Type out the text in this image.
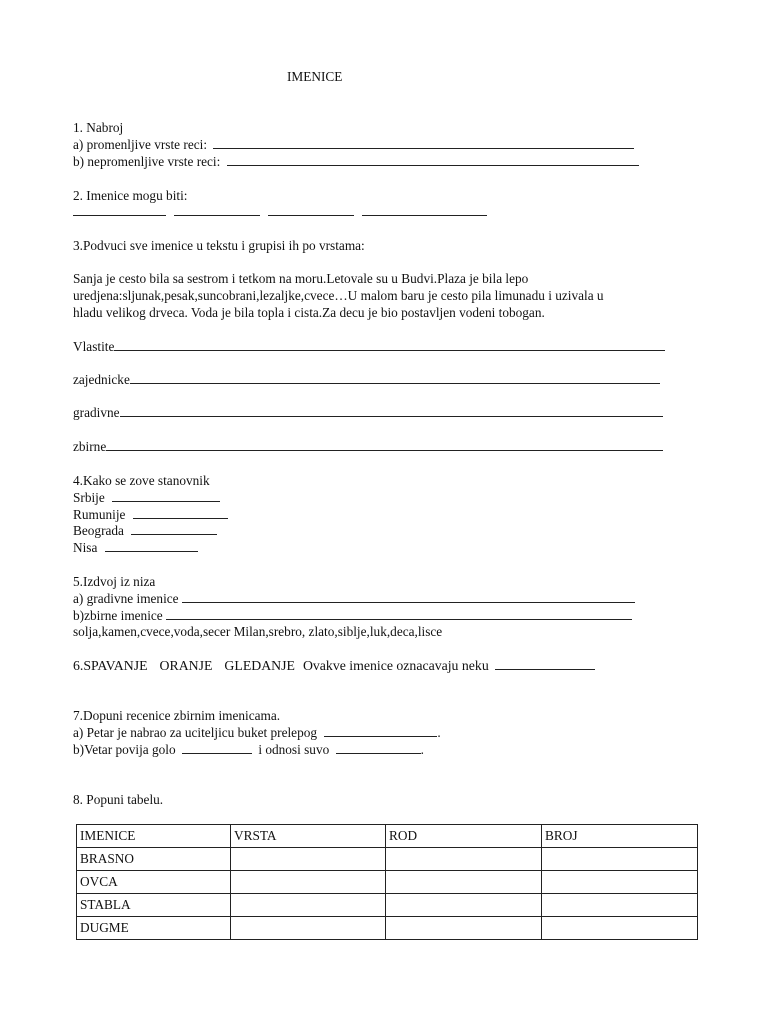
IMENICE
1. Nabroj
a) promenljive vrste reci:
b) nepromenljive vrste reci:
2. Imenice mogu biti:
3.Podvuci sve imenice u tekstu i grupisi ih po vrstama:
Sanja je cesto bila sa sestrom i tetkom na moru.Letovale su u Budvi.Plaza je bila lepo
uredjena:sljunak,pesak,suncobrani,lezaljke,cvece…U malom baru je cesto pila limunadu i uzivala u
hladu velikog drveca. Voda je bila topla i cista.Za decu je bio postavljen vodeni tobogan.
Vlastite
zajednicke
gradivne
zbirne
4.Kako se zove stanovnik
Srbije
Rumunije
Beograda
Nisa
5.Izdvoj iz niza
a) gradivne imenice
b)zbirne imenice
solja,kamen,cvece,voda,secer Milan,srebro, zlato,siblje,luk,deca,lisce
6.SPAVANJE ORANJE GLEDANJE Ovakve imenice oznacavaju neku
7.Dopuni recenice zbirnim imenicama.
a) Petar je nabrao za uciteljicu buket prelepog	.
b)Vetar povija golo	i odnosi suvo	.
8. Popuni tabelu.
IMENICE	VRSTA	ROD	BROJ
BRASNO			
OVCA			
STABLA			
DUGME			
